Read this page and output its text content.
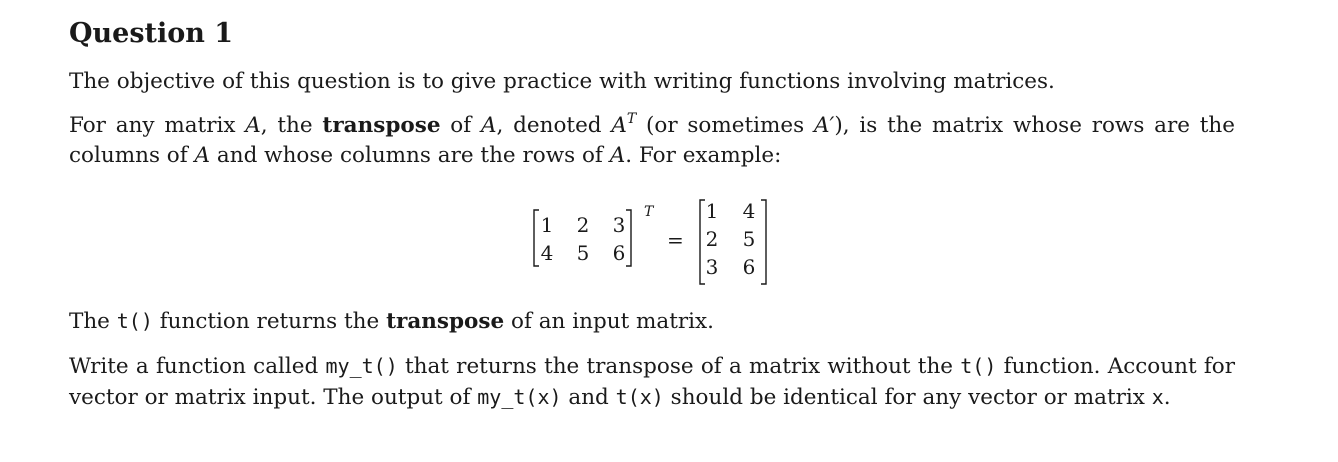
Question 1
The objective of this question is to give practice with writing functions involving matrices.
For any matrix A, the transpose of A, denoted $A^T$ (or sometimes A′), is the matrix whose rows are the columns of A and whose columns are the rows of A. For example:
1 2 3
4 5 6
T
=
1 4
2 5
3 6
The t() function returns the transpose of an input matrix.
Write a function called my_t() that returns the transpose of a matrix without the t() function. Account for vector or matrix input. The output of my_t(x) and t(x) should be identical for any vector or matrix x.
